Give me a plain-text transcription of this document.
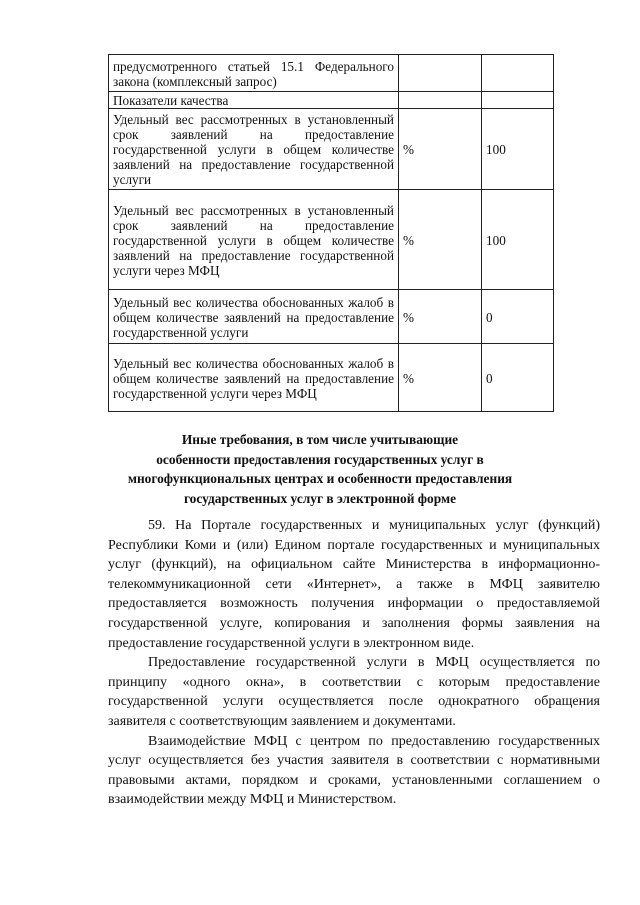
предусмотренного статьей 15.1 Федерального закона (комплексный запрос)		

Показатели качества	

Удельный вес рассмотренных в установленный срок заявлений на предоставление государственной услуги в общем количестве заявлений на предоставление государственной услуги	%	100

Удельный вес рассмотренных в установленный срок заявлений на предоставление государственной услуги в общем количестве заявлений на предоставление государственной услуги через МФЦ	%	100

Удельный вес количества обоснованных жалоб в общем количестве заявлений на предоставление государственной услуги	%	0

Удельный вес количества обоснованных жалоб в общем количестве заявлений на предоставление государственной услуги через МФЦ	%	0
Иные требования, в том числе учитывающие
особенности предоставления государственных услуг в
многофункциональных центрах и особенности предоставления
государственных услуг в электронной форме

59. На Портале государственных и муниципальных услуг (функций) Республики Коми и (или) Едином портале государственных и муниципальных услуг (функций), на официальном сайте Министерства в информационно-телекоммуникационной сети «Интернет», а также в МФЦ заявителю предоставляется возможность получения информации о предоставляемой государственной услуге, копирования и заполнения формы заявления на предоставление государственной услуги в электронном виде.

Предоставление государственной услуги в МФЦ осуществляется по принципу «одного окна», в соответствии с которым предоставление государственной услуги осуществляется после однократного обращения заявителя с соответствующим заявлением и документами.

Взаимодействие МФЦ с центром по предоставлению государственных услуг осуществляется без участия заявителя в соответствии с нормативными правовыми актами, порядком и сроками, установленными соглашением о взаимодействии между МФЦ и Министерством.
